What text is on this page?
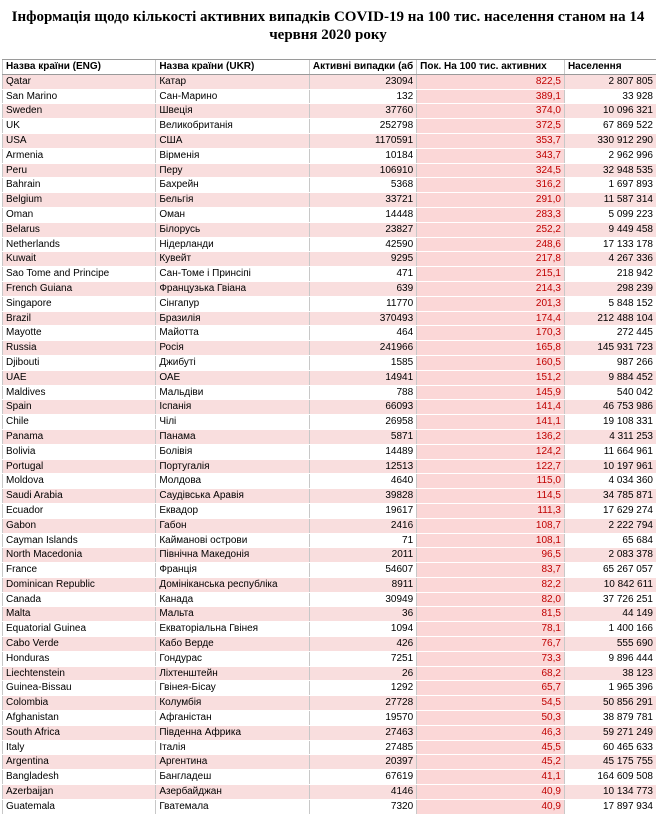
Інформація щодо кількості активних випадків COVID-19 на 100 тис. населення станом на 14 червня 2020 року
Назва країни (ENG)	Назва країни (UKR)	Активні випадки (аб	Пок. На 100 тис. активних	Населення
Qatar	Катар	23094	822,5	2 807 805
San Marino	Сан-Марино	132	389,1	33 928
Sweden	Швеція	37760	374,0	10 096 321
UK	Великобританія	252798	372,5	67 869 522
USA	США	1170591	353,7	330 912 290
Armenia	Вірменія	10184	343,7	2 962 996
Peru	Перу	106910	324,5	32 948 535
Bahrain	Бахрейн	5368	316,2	1 697 893
Belgium	Бельгія	33721	291,0	11 587 314
Oman	Оман	14448	283,3	5 099 223
Belarus	Білорусь	23827	252,2	9 449 458
Netherlands	Нідерланди	42590	248,6	17 133 178
Kuwait	Кувейт	9295	217,8	4 267 336
Sao Tome and Principe	Сан-Томе і Принсіпі	471	215,1	218 942
French Guiana	Французька Гвіана	639	214,3	298 239
Singapore	Сінгапур	11770	201,3	5 848 152
Brazil	Бразилія	370493	174,4	212 488 104
Mayotte	Майотта	464	170,3	272 445
Russia	Росія	241966	165,8	145 931 723
Djibouti	Джибуті	1585	160,5	987 266
UAE	ОАЕ	14941	151,2	9 884 452
Maldives	Мальдіви	788	145,9	540 042
Spain	Іспанія	66093	141,4	46 753 986
Chile	Чілі	26958	141,1	19 108 331
Panama	Панама	5871	136,2	4 311 253
Bolivia	Болівія	14489	124,2	11 664 961
Portugal	Португалія	12513	122,7	10 197 961
Moldova	Молдова	4640	115,0	4 034 360
Saudi Arabia	Саудівська Аравія	39828	114,5	34 785 871
Ecuador	Еквадор	19617	111,3	17 629 274
Gabon	Габон	2416	108,7	2 222 794
Cayman Islands	Кайманові острови	71	108,1	65 684
North Macedonia	Північна Македонія	2011	96,5	2 083 378
France	Франція	54607	83,7	65 267 057
Dominican Republic	Домініканська республіка	8911	82,2	10 842 611
Canada	Канада	30949	82,0	37 726 251
Malta	Мальта	36	81,5	44 149
Equatorial Guinea	Екваторіальна Гвінея	1094	78,1	1 400 166
Cabo Verde	Кабо Верде	426	76,7	555 690
Honduras	Гондурас	7251	73,3	9 896 444
Liechtenstein	Ліхтенштейн	26	68,2	38 123
Guinea-Bissau	Гвінея-Бісау	1292	65,7	1 965 396
Colombia	Колумбія	27728	54,5	50 856 291
Afghanistan	Афганістан	19570	50,3	38 879 781
South Africa	Південна Африка	27463	46,3	59 271 249
Italy	Італія	27485	45,5	60 465 633
Argentina	Аргентина	20397	45,2	45 175 755
Bangladesh	Бангладеш	67619	41,1	164 609 508
Azerbaijan	Азербайджан	4146	40,9	10 134 773
Guatemala	Гватемала	7320	40,9	17 897 934
